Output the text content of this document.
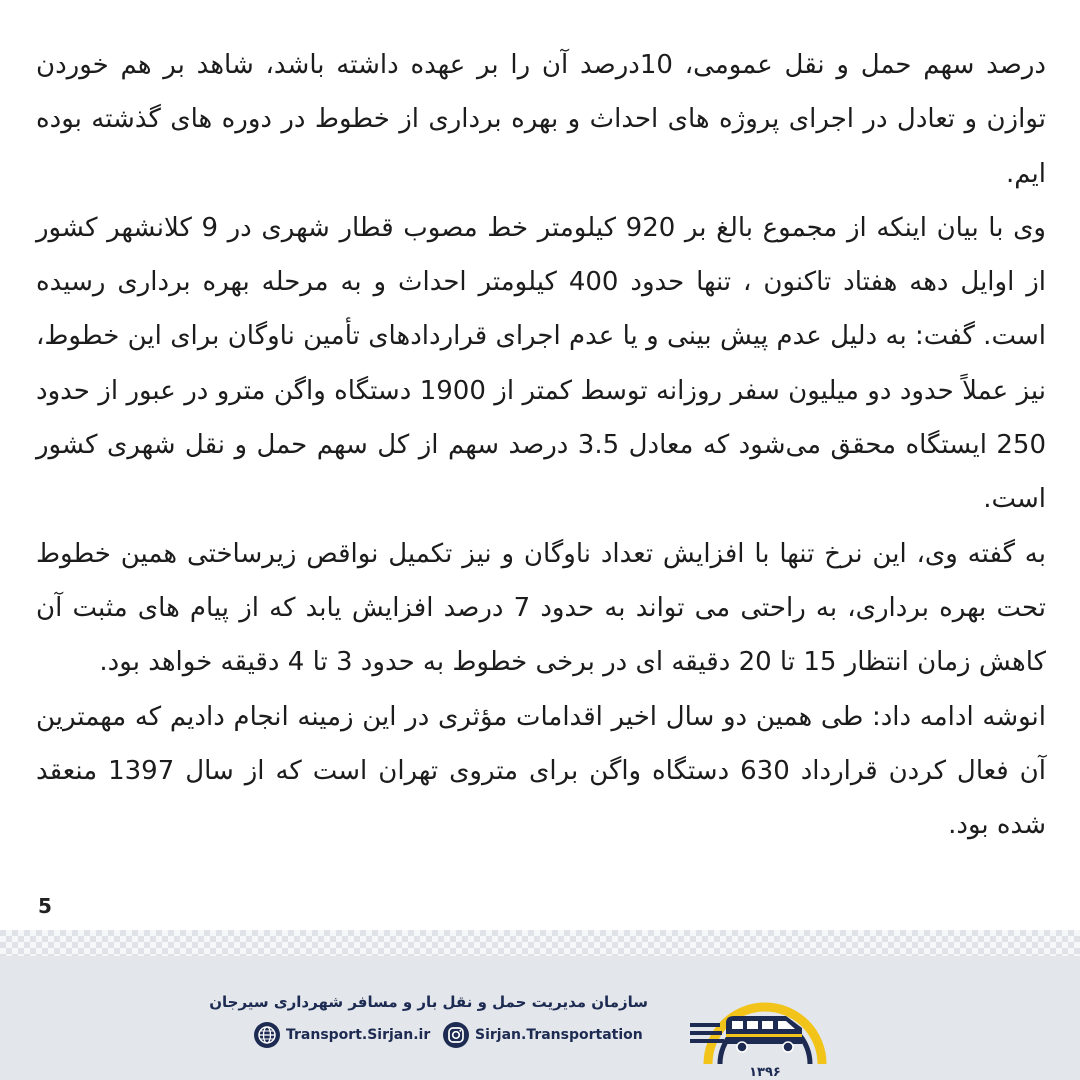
درصد سهم حمل و نقل عمومی، 10درصد آن را بر عهده داشته باشد، شاهد بر هم خوردن توازن و تعادل در اجرای پروژه های احداث و بهره برداری از خطوط در دوره های گذشته بوده ایم.

وی با بیان اینکه از مجموع بالغ بر 920 کیلومتر خط مصوب قطار شهری در 9 کلانشهر کشور از اوایل دهه هفتاد تاکنون ، تنها حدود 400 کیلومتر احداث و به مرحله بهره برداری رسیده است. گفت: به دلیل عدم پیش بینی و یا عدم اجرای قراردادهای تأمین ناوگان برای این خطوط، نیز عملاً حدود دو میلیون سفر روزانه توسط کمتر از 1900 دستگاه واگن مترو در عبور از حدود 250 ایستگاه محقق می‌شود که معادل 3.5 درصد سهم از کل سهم حمل و نقل شهری کشور است.

به گفته وی، این نرخ تنها با افزایش تعداد ناوگان و نیز تکمیل نواقص زیرساختی همین خطوط تحت بهره برداری، به راحتی می تواند به حدود 7 درصد افزایش یابد که از پیام های مثبت آن کاهش زمان انتظار 15 تا 20 دقیقه ای در برخی خطوط به حدود 3 تا 4 دقیقه خواهد بود.

انوشه ادامه داد: طی همین دو سال اخیر اقدامات مؤثری در این زمینه انجام دادیم که مهمترین آن فعال کردن قرارداد 630 دستگاه واگن برای متروی تهران است که از سال 1397 منعقد شده بود.

5
سازمان مدیریت حمل و نقل بار و مسافر شهرداری سیرجان
Transport.Sirjan.ir	Sirjan.Transportation
۱۳۹۶
